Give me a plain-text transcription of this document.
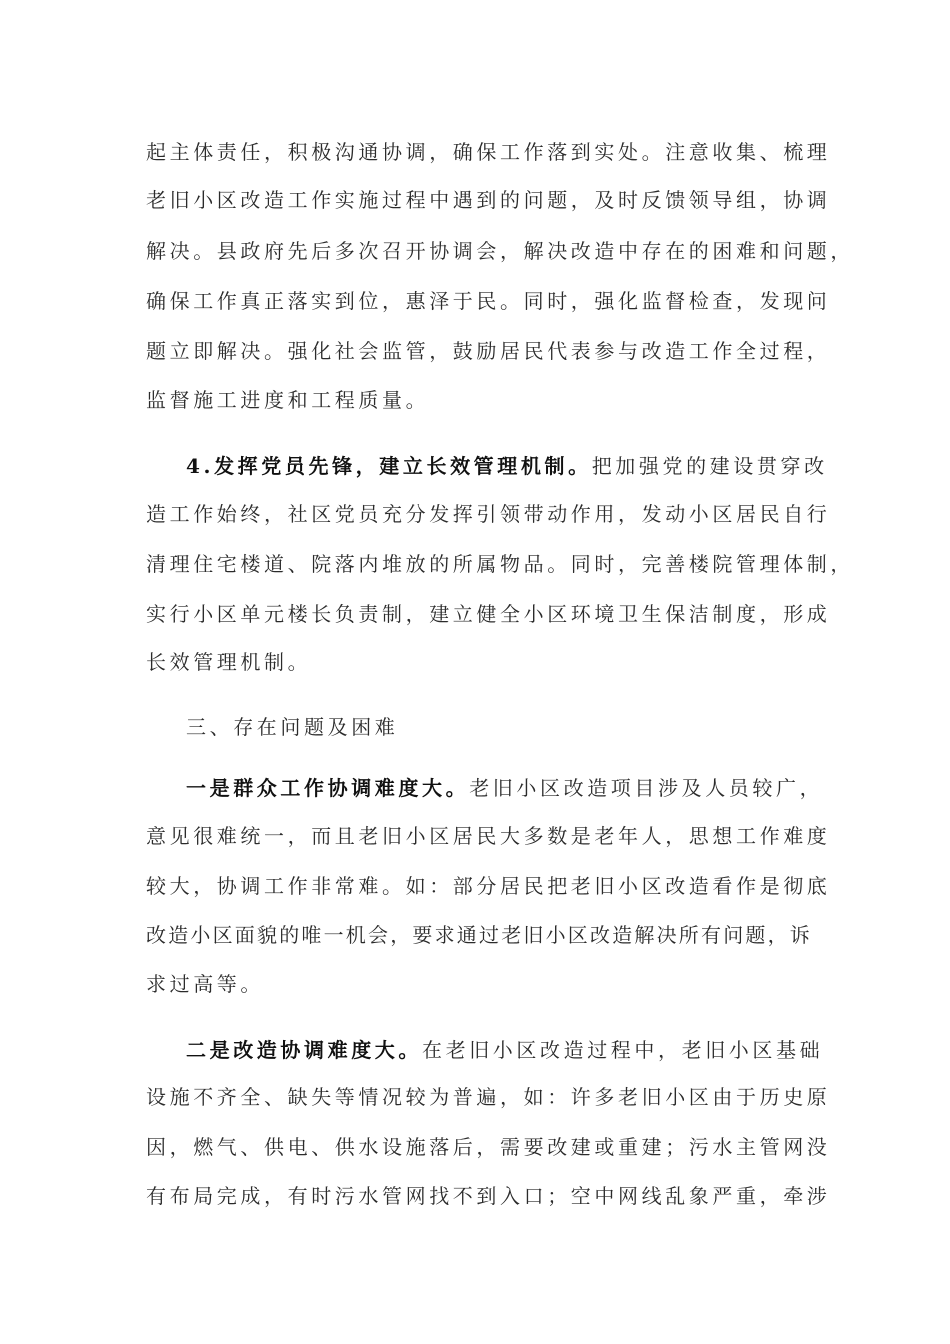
起主体责任，积极沟通协调，确保工作落到实处。注意收集、梳理

老旧小区改造工作实施过程中遇到的问题，及时反馈领导组，协调

解决。县政府先后多次召开协调会，解决改造中存在的困难和问题，

确保工作真正落实到位，惠泽于民。同时，强化监督检查，发现问

题立即解决。强化社会监管，鼓励居民代表参与改造工作全过程，

监督施工进度和工程质量。

4.发挥党员先锋，建立长效管理机制。把加强党的建设贯穿改

造工作始终，社区党员充分发挥引领带动作用，发动小区居民自行

清理住宅楼道、院落内堆放的所属物品。同时，完善楼院管理体制，

实行小区单元楼长负责制，建立健全小区环境卫生保洁制度，形成

长效管理机制。

三、存在问题及困难

一是群众工作协调难度大。老旧小区改造项目涉及人员较广，

意见很难统一，而且老旧小区居民大多数是老年人，思想工作难度

较大，协调工作非常难。如：部分居民把老旧小区改造看作是彻底

改造小区面貌的唯一机会，要求通过老旧小区改造解决所有问题，诉

求过高等。

二是改造协调难度大。在老旧小区改造过程中，老旧小区基础

设施不齐全、缺失等情况较为普遍，如：许多老旧小区由于历史原

因，燃气、供电、供水设施落后，需要改建或重建；污水主管网没

有布局完成，有时污水管网找不到入口；空中网线乱象严重，牵涉
